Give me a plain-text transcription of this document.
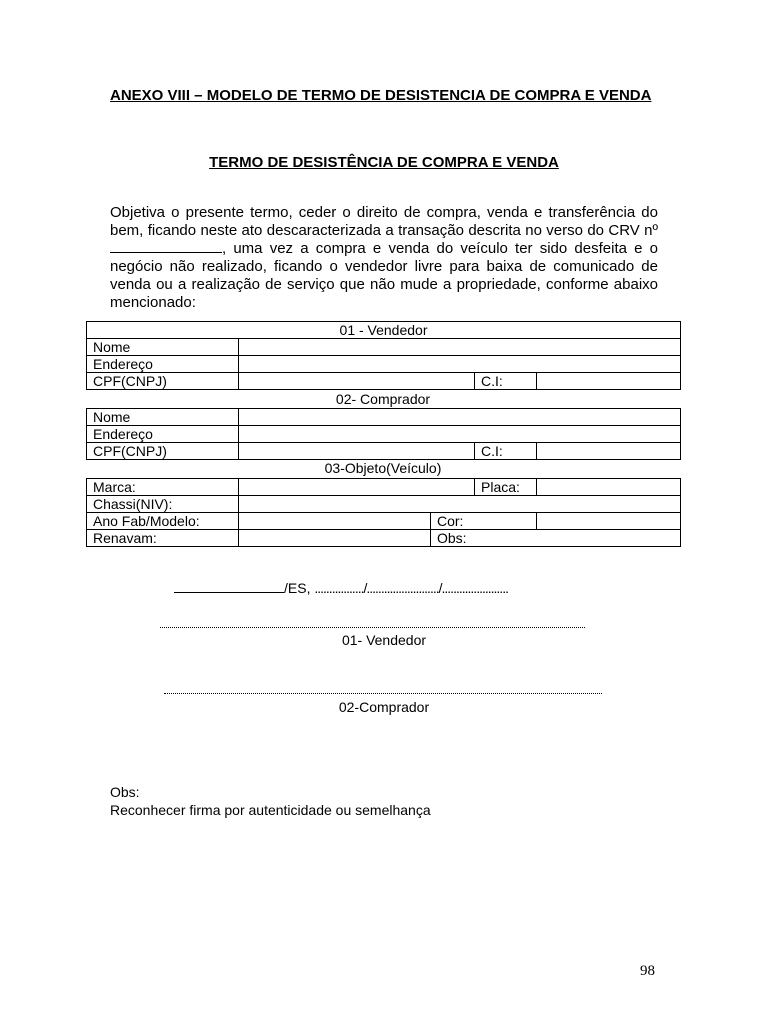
ANEXO VIII – MODELO DE TERMO DE DESISTENCIA DE COMPRA E VENDA
TERMO DE DESISTÊNCIA DE COMPRA E VENDA
Objetiva o presente termo, ceder o direito de compra, venda e transferência do bem, ficando neste ato descaracterizada a transação descrita no verso do CRV nº , uma vez a compra e venda do veículo ter sido desfeita e o negócio não realizado, ficando o vendedor livre para baixa de comunicado de venda ou a realização de serviço que não mude a propriedade, conforme abaixo mencionado:
01 - Vendedor			
Nome			
Endereço			
CPF(CNPJ)		C.I:	
02- Comprador
Nome			
Endereço			
CPF(CNPJ)		C.I:	
03-Objeto(Veículo)
Marca:			Placa:	
Chassi(NIV):				
Ano Fab/Modelo:		Cor:		
Renavam:		Obs:		
/ES, ................./........................./.......................
01- Vendedor
02-Comprador
Obs:
Reconhecer firma por autenticidade ou semelhança
98
